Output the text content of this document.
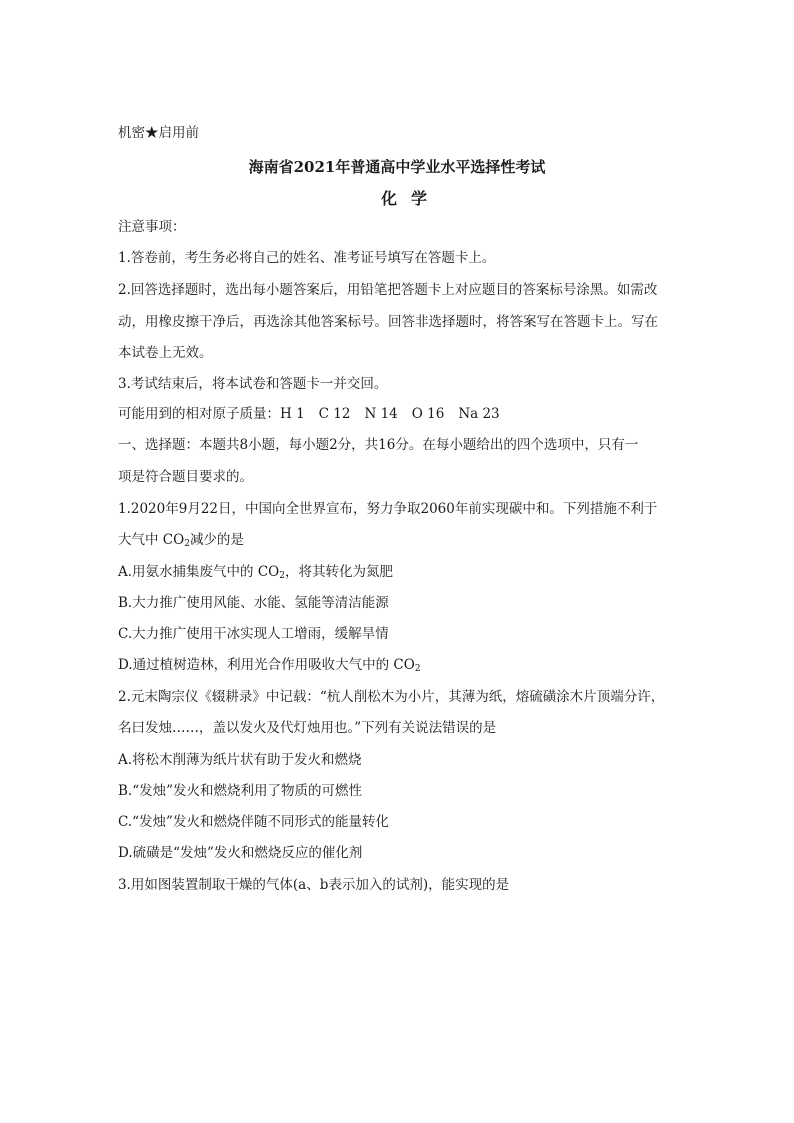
机密★启用前
海南省2021年普通高中学业水平选择性考试
化学
注意事项：
1.答卷前，考生务必将自己的姓名、准考证号填写在答题卡上。
2.回答选择题时，选出每小题答案后，用铅笔把答题卡上对应题目的答案标号涂黑。如需改
动，用橡皮擦干净后，再选涂其他答案标号。回答非选择题时，将答案写在答题卡上。写在
本试卷上无效。
3.考试结束后，将本试卷和答题卡一并交回。
可能用到的相对原子质量：H 1 C 12 N 14 O 16 Na 23
一、选择题：本题共8小题，每小题2分，共16分。在每小题给出的四个选项中，只有一
项是符合题目要求的。
1.2020年9月22日，中国向全世界宣布，努力争取2060年前实现碳中和。下列措施不利于
大气中 $CO_2$减少的是
A.用氨水捕集废气中的 $CO_2$，将其转化为氮肥
B.大力推广使用风能、水能、氢能等清洁能源
C.大力推广使用干冰实现人工增雨，缓解旱情
D.通过植树造林，利用光合作用吸收大气中的 $CO_2$
2.元末陶宗仪《辍耕录》中记载：“杭人削松木为小片，其薄为纸，熔硫磺涂木片顶端分许，
名曰发烛……，盖以发火及代灯烛用也。”下列有关说法错误的是
A.将松木削薄为纸片状有助于发火和燃烧
B.“发烛”发火和燃烧利用了物质的可燃性
C.“发烛”发火和燃烧伴随不同形式的能量转化
D.硫磺是“发烛”发火和燃烧反应的催化剂
3.用如图装置制取干燥的气体(a、b表示加入的试剂)，能实现的是
